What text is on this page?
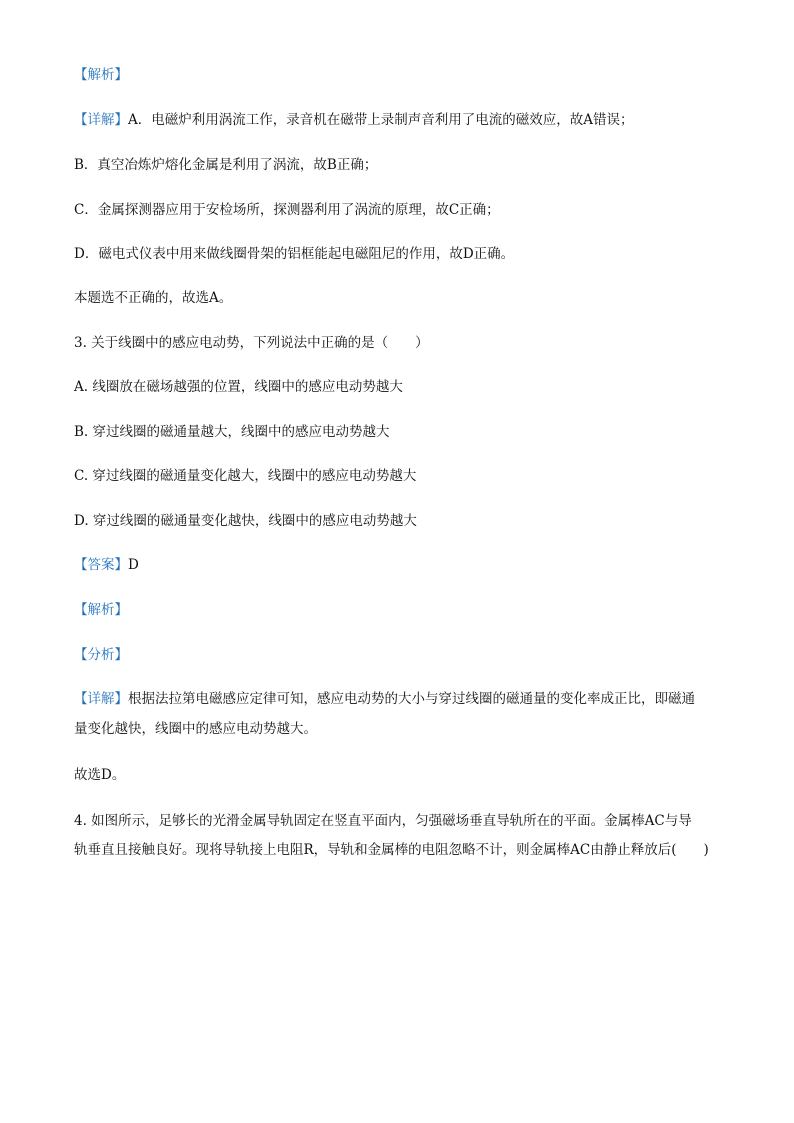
【解析】
【详解】A．电磁炉利用涡流工作，录音机在磁带上录制声音利用了电流的磁效应，故A错误；
B．真空冶炼炉熔化金属是利用了涡流，故B正确；
C．金属探测器应用于安检场所，探测器利用了涡流的原理，故C正确；
D．磁电式仪表中用来做线圈骨架的铝框能起电磁阻尼的作用，故D正确。
本题选不正确的，故选A。
3. 关于线圈中的感应电动势，下列说法中正确的是（　　）
A. 线圈放在磁场越强的位置，线圈中的感应电动势越大
B. 穿过线圈的磁通量越大，线圈中的感应电动势越大
C. 穿过线圈的磁通量变化越大，线圈中的感应电动势越大
D. 穿过线圈的磁通量变化越快，线圈中的感应电动势越大
【答案】D
【解析】
【分析】
【详解】根据法拉第电磁感应定律可知，感应电动势的大小与穿过线圈的磁通量的变化率成正比，即磁通
量变化越快，线圈中的感应电动势越大。
故选D。
4. 如图所示，足够长的光滑金属导轨固定在竖直平面内，匀强磁场垂直导轨所在的平面。金属棒AC与导
轨垂直且接触良好。现将导轨接上电阻R，导轨和金属棒的电阻忽略不计，则金属棒AC由静止释放后(　　)
